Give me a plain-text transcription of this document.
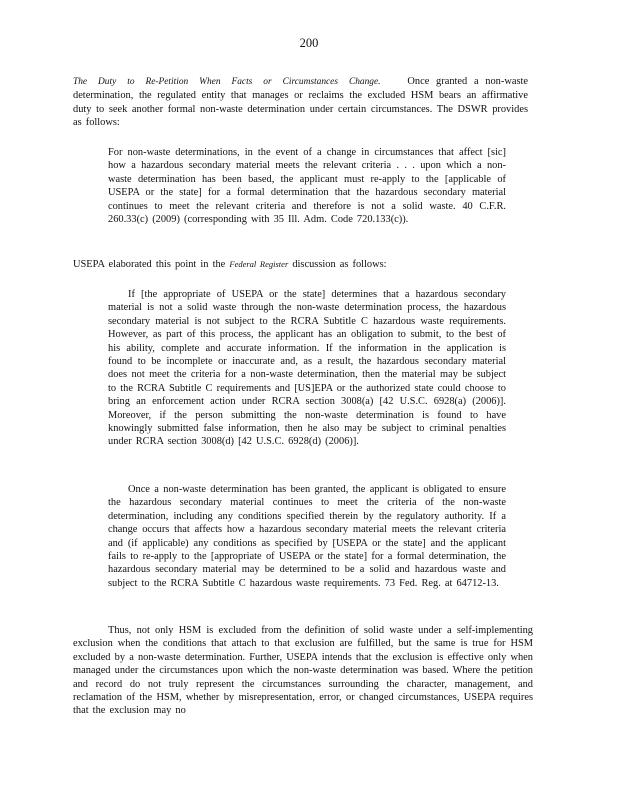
200

The Duty to Re-Petition When Facts or Circumstances Change.	Once granted a non-waste determination, the regulated entity that manages or reclaims the excluded HSM bears an affirmative duty to seek another formal non-waste determination under certain circumstances. The DSWR provides as follows:

For non-waste determinations, in the event of a change in circumstances that affect [sic] how a hazardous secondary material meets the relevant criteria . . . upon which a non-waste determination has been based, the applicant must re-apply to the [applicable of USEPA or the state] for a formal determination that the hazardous secondary material continues to meet the relevant criteria and therefore is not a solid waste. 40 C.F.R. 260.33(c) (2009) (corresponding with 35 Ill. Adm. Code 720.133(c)).

USEPA elaborated this point in the Federal Register discussion as follows:

If [the appropriate of USEPA or the state] determines that a hazardous secondary material is not a solid waste through the non-waste determination process, the hazardous secondary material is not subject to the RCRA Subtitle C hazardous waste requirements. However, as part of this process, the applicant has an obligation to submit, to the best of his ability, complete and accurate information. If the information in the application is found to be incomplete or inaccurate and, as a result, the hazardous secondary material does not meet the criteria for a non-waste determination, then the material may be subject to the RCRA Subtitle C requirements and [US]EPA or the authorized state could choose to bring an enforcement action under RCRA section 3008(a) [42 U.S.C. 6928(a) (2006)]. Moreover, if the person submitting the non-waste determination is found to have knowingly submitted false information, then he also may be subject to criminal penalties under RCRA section 3008(d) [42 U.S.C. 6928(d) (2006)].

Once a non-waste determination has been granted, the applicant is obligated to ensure the hazardous secondary material continues to meet the criteria of the non-waste determination, including any conditions specified therein by the regulatory authority. If a change occurs that affects how a hazardous secondary material meets the relevant criteria and (if applicable) any conditions as specified by [USEPA or the state] and the applicant fails to re-apply to the [appropriate of USEPA or the state] for a formal determination, the hazardous secondary material may be determined to be a solid and hazardous waste and subject to the RCRA Subtitle C hazardous waste requirements. 73 Fed. Reg. at 64712-13.

Thus, not only HSM is excluded from the definition of solid waste under a self-implementing exclusion when the conditions that attach to that exclusion are fulfilled, but the same is true for HSM excluded by a non-waste determination. Further, USEPA intends that the exclusion is effective only when managed under the circumstances upon which the non-waste determination was based. Where the petition and record do not truly represent the circumstances surrounding the character, management, and reclamation of the HSM, whether by misrepresentation, error, or changed circumstances, USEPA requires that the exclusion may no
